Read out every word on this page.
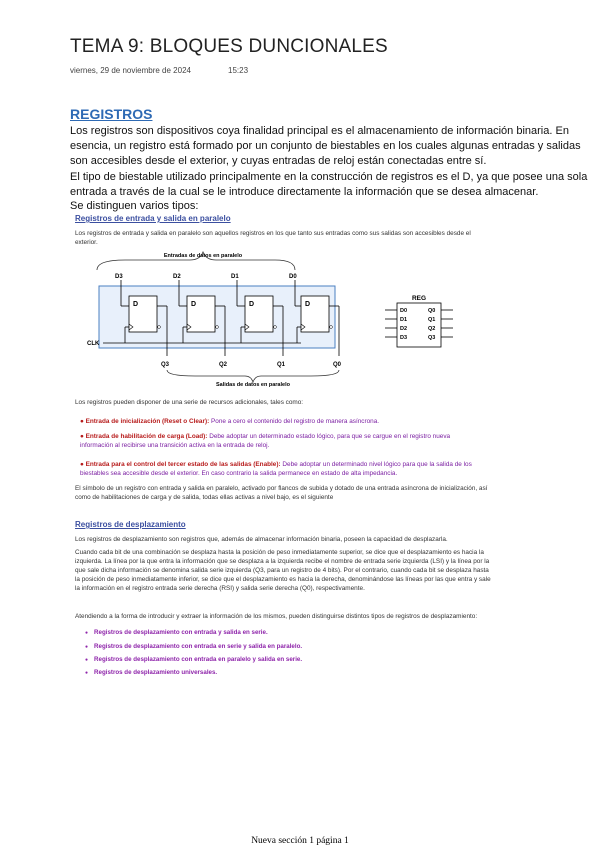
TEMA 9: BLOQUES DUNCIONALES
viernes, 29 de noviembre de 2024	15:23
REGISTROS
Los registros son dispositivos coya finalidad principal es el almacenamiento de información binaria. En esencia, un registro está formado por un conjunto de biestables en los cuales algunas entradas y salidas son accesibles desde el exterior, y cuyas entradas de reloj están conectadas entre sí.
El tipo de biestable utilizado principalmente en la construcción de registros es el D, ya que posee una sola entrada a través de la cual se le introduce directamente la información que se desea almacenar.
Se distinguen varios tipos:
Registros de entrada y salida en paralelo
Los registros de entrada y salida en paralelo son aquellos registros en los que tanto sus entradas como sus salidas son accesibles desde el exterior.
Entradas de datos en paralelo
D3	D2	D1	D0
D	D	D	D
CLK
Q3	Q2	Q1	Q0
Salidas de datos en paralelo
REG
D0
D1
D2
D3
Q0
Q1
Q2
Q3
Los registros pueden disponer de una serie de recursos adicionales, tales como:
● Entrada de inicialización (Reset o Clear): Pone a cero el contenido del registro de manera asíncrona.
● Entrada de habilitación de carga (Load): Debe adoptar un determinado estado lógico, para que se cargue en el registro nueva información al recibirse una transición activa en la entrada de reloj.
● Entrada para el control del tercer estado de las salidas (Enable): Debe adoptar un determinado nivel lógico para que la salida de los biestables sea accesible desde el exterior. En caso contrario la salida permanece en estado de alta impedancia.
El símbolo de un registro con entrada y salida en paralelo, activado por flancos de subida y dotado de una entrada asíncrona de inicialización, así como de habilitaciones de carga y de salida, todas ellas activas a nivel bajo, es el siguiente
Registros de desplazamiento
Los registros de desplazamiento son registros que, además de almacenar información binaria, poseen la capacidad de desplazarla.
Cuando cada bit de una combinación se desplaza hasta la posición de peso inmediatamente superior, se dice que el desplazamiento es hacia la izquierda. La línea por la que entra la información que se desplaza a la izquierda recibe el nombre de entrada serie izquierda (LSI) y la línea por la que sale dicha información se denomina salida serie izquierda (Q3, para un registro de 4 bits). Por el contrario, cuando cada bit se desplaza hasta la posición de peso inmediatamente inferior, se dice que el desplazamiento es hacia la derecha, denominándose las líneas por las que entra y sale la información en el registro entrada serie derecha (RSI) y salida serie derecha (Q0), respectivamente.
Atendiendo a la forma de introducir y extraer la información de los mismos, pueden distinguirse distintos tipos de registros de desplazamiento:
● Registros de desplazamiento con entrada y salida en serie.
● Registros de desplazamiento con entrada en serie y salida en paralelo.
● Registros de desplazamiento con entrada en paralelo y salida en serie.
● Registros de desplazamiento universales.
Nueva sección 1 página 1
